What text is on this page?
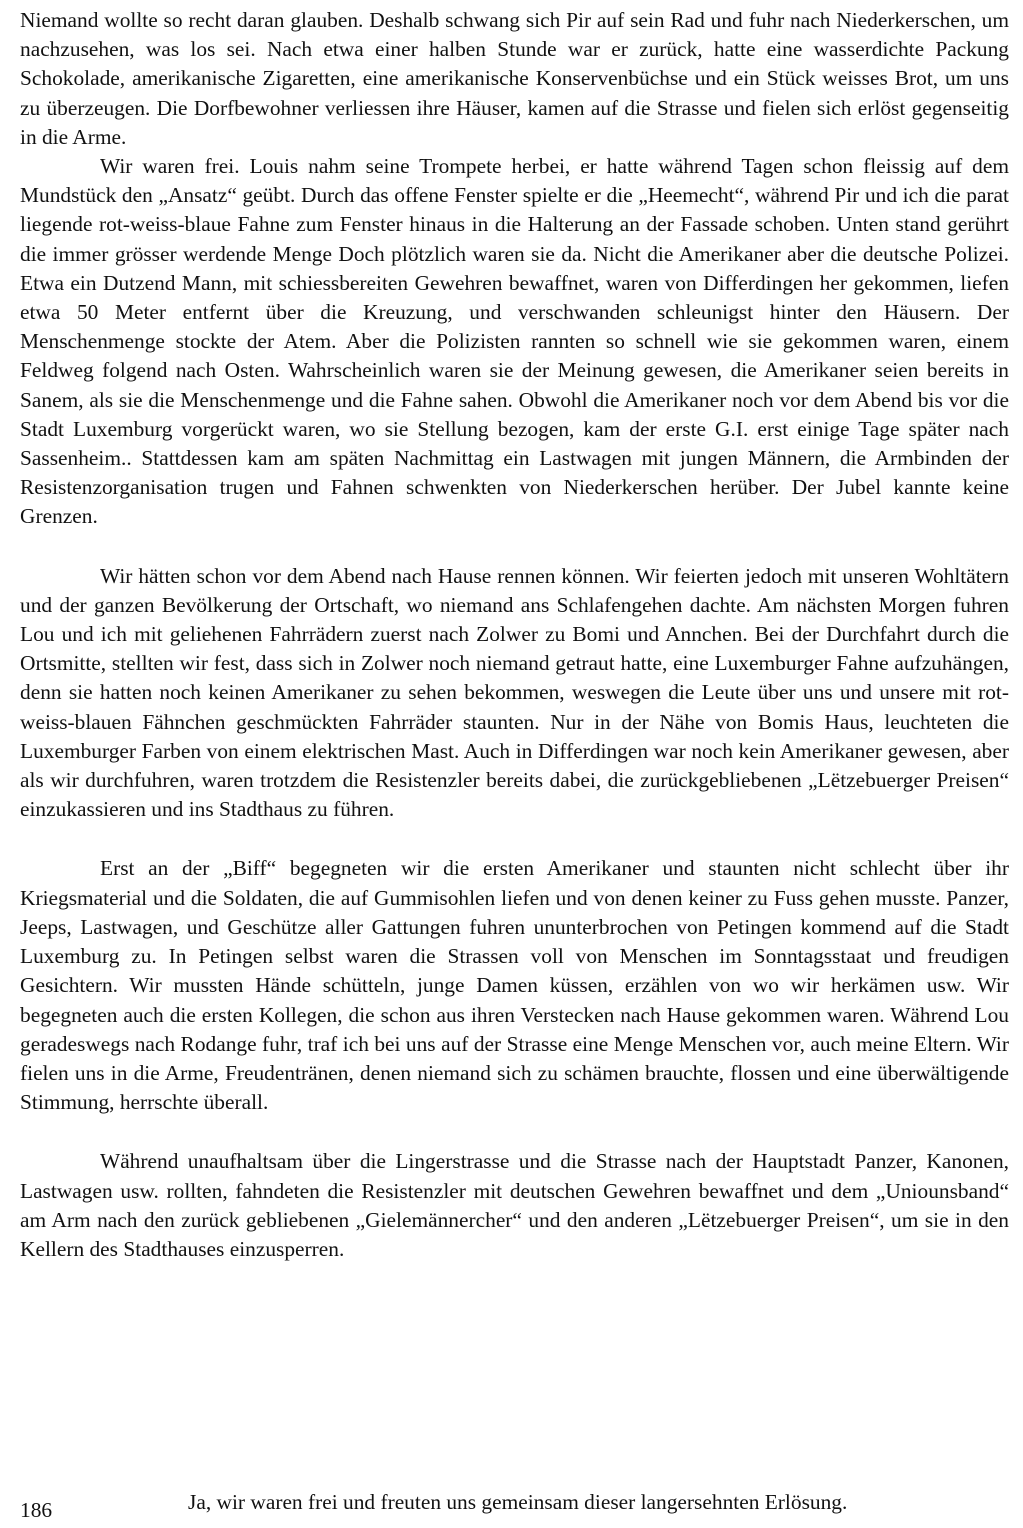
Niemand wollte so recht daran glauben. Deshalb schwang sich Pir auf sein Rad und fuhr nach Niederkerschen, um nachzusehen, was los sei. Nach etwa einer halben Stunde war er zurück, hatte eine wasserdichte Packung Schokolade, amerikanische Zigaretten, eine amerikanische Konservenbüchse und ein Stück weisses Brot, um uns zu überzeugen. Die Dorfbewohner verliessen ihre Häuser, kamen auf die Strasse und fielen sich erlöst gegenseitig in die Arme.

Wir waren frei. Louis nahm seine Trompete herbei, er hatte während Tagen schon fleissig auf dem Mundstück den „Ansatz“ geübt. Durch das offene Fenster spielte er die „Heemecht“, während Pir und ich die parat liegende rot-weiss-blaue Fahne zum Fenster hinaus in die Halterung an der Fassade schoben. Unten stand gerührt die immer grösser werdende Menge Doch plötzlich waren sie da. Nicht die Amerikaner aber die deutsche Polizei. Etwa ein Dutzend Mann, mit schiessbereiten Gewehren bewaffnet, waren von Differdingen her gekommen, liefen etwa 50 Meter entfernt über die Kreuzung, und verschwanden schleunigst hinter den Häusern. Der Menschenmenge stockte der Atem. Aber die Polizisten rannten so schnell wie sie gekommen waren, einem Feldweg folgend nach Osten. Wahrscheinlich waren sie der Meinung gewesen, die Amerikaner seien bereits in Sanem, als sie die Menschenmenge und die Fahne sahen. Obwohl die Amerikaner noch vor dem Abend bis vor die Stadt Luxemburg vorgerückt waren, wo sie Stellung bezogen, kam der erste G.I. erst einige Tage später nach Sassenheim.. Stattdessen kam am späten Nachmittag ein Lastwagen mit jungen Männern, die Armbinden der Resistenzorganisation trugen und Fahnen schwenkten von Niederkerschen herüber. Der Jubel kannte keine Grenzen.

Wir hätten schon vor dem Abend nach Hause rennen können. Wir feierten jedoch mit unseren Wohltätern und der ganzen Bevölkerung der Ortschaft, wo niemand ans Schlafengehen dachte. Am nächsten Morgen fuhren Lou und ich mit geliehenen Fahrrädern zuerst nach Zolwer zu Bomi und Annchen. Bei der Durchfahrt durch die Ortsmitte, stellten wir fest, dass sich in Zolwer noch niemand getraut hatte, eine Luxemburger Fahne aufzuhängen, denn sie hatten noch keinen Amerikaner zu sehen bekommen, weswegen die Leute über uns und unsere mit rot-weiss-blauen Fähnchen geschmückten Fahrräder staunten. Nur in der Nähe von Bomis Haus, leuchteten die Luxemburger Farben von einem elektrischen Mast. Auch in Differdingen war noch kein Amerikaner gewesen, aber als wir durchfuhren, waren trotzdem die Resistenzler bereits dabei, die zurückgebliebenen „Lëtzebuerger Preisen“ einzukassieren und ins Stadthaus zu führen.

Erst an der „Biff“ begegneten wir die ersten Amerikaner und staunten nicht schlecht über ihr Kriegsmaterial und die Soldaten, die auf Gummisohlen liefen und von denen keiner zu Fuss gehen musste. Panzer, Jeeps, Lastwagen, und Geschütze aller Gattungen fuhren ununterbrochen von Petingen kommend auf die Stadt Luxemburg zu. In Petingen selbst waren die Strassen voll von Menschen im Sonntagsstaat und freudigen Gesichtern. Wir mussten Hände schütteln, junge Damen küssen, erzählen von wo wir herkämen usw. Wir begegneten auch die ersten Kollegen, die schon aus ihren Verstecken nach Hause gekommen waren. Während Lou geradeswegs nach Rodange fuhr, traf ich bei uns auf der Strasse eine Menge Menschen vor, auch meine Eltern. Wir fielen uns in die Arme, Freudentränen, denen niemand sich zu schämen brauchte, flossen und eine überwältigende Stimmung, herrschte überall.

Während unaufhaltsam über die Lingerstrasse und die Strasse nach der Hauptstadt Panzer, Kanonen, Lastwagen usw. rollten, fahndeten die Resistenzler mit deutschen Gewehren bewaffnet und dem „Uniounsband“ am Arm nach den zurück gebliebenen „Gielemännercher“ und den anderen „Lëtzebuerger Preisen“, um sie in den Kellern des Stadthauses einzusperren.

186	Ja, wir waren frei und freuten uns gemeinsam dieser langersehnten Erlösung.
